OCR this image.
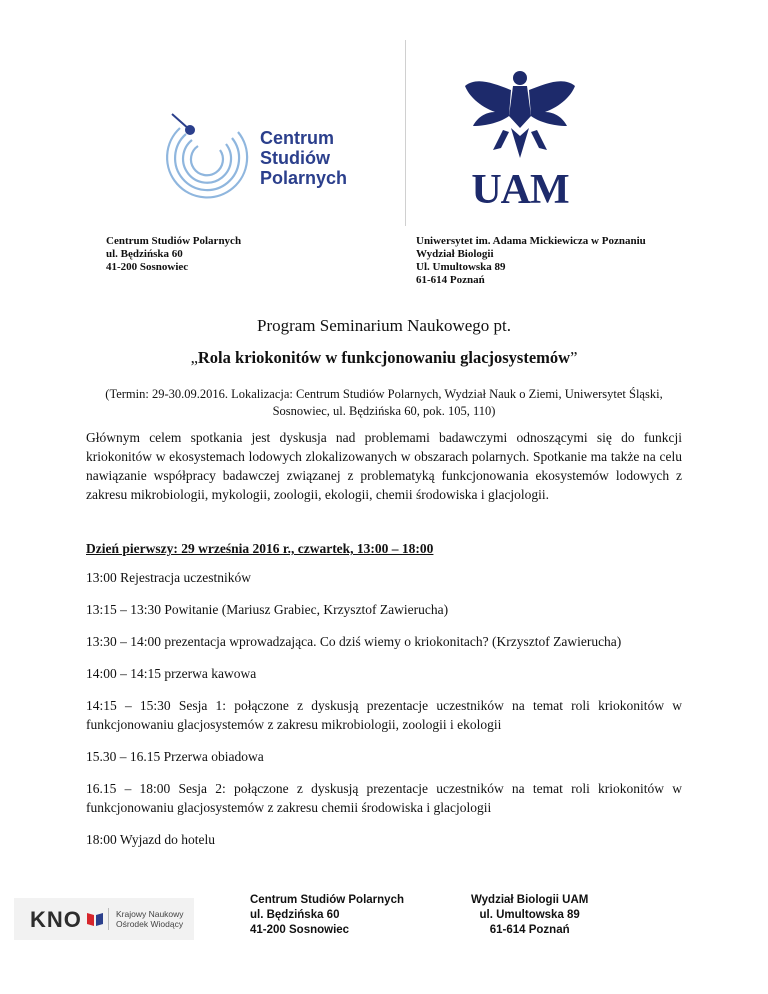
Centrum
Studiów
Polarnych	UAM
Centrum Studiów Polarnych
ul. Będzińska 60
41-200 Sosnowiec
Uniwersytet im. Adama Mickiewicza w Poznaniu
Wydział Biologii
Ul. Umultowska 89
61-614 Poznań
Program Seminarium Naukowego pt.
„Rola kriokonitów w funkcjonowaniu glacjosystemów”
(Termin: 29-30.09.2016. Lokalizacja: Centrum Studiów Polarnych, Wydział Nauk o Ziemi, Uniwersytet Śląski, Sosnowiec, ul. Będzińska 60, pok. 105, 110)
Głównym celem spotkania jest dyskusja nad problemami badawczymi odnoszącymi się do funkcji kriokonitów w ekosystemach lodowych zlokalizowanych w obszarach polarnych. Spotkanie ma także na celu nawiązanie współpracy badawczej związanej z problematyką funkcjonowania ekosystemów lodowych z zakresu mikrobiologii, mykologii, zoologii, ekologii, chemii środowiska i glacjologii.
Dzień pierwszy: 29 września 2016 r., czwartek, 13:00 – 18:00
13:00 Rejestracja uczestników
13:15 – 13:30 Powitanie (Mariusz Grabiec, Krzysztof Zawierucha)
13:30 – 14:00 prezentacja wprowadzająca. Co dziś wiemy o kriokonitach? (Krzysztof Zawierucha)
14:00 – 14:15 przerwa kawowa
14:15 – 15:30 Sesja 1: połączone z dyskusją prezentacje uczestników na temat roli kriokonitów w funkcjonowaniu glacjosystemów z zakresu mikrobiologii, zoologii i ekologii
15.30 – 16.15 Przerwa obiadowa
16.15 – 18:00 Sesja 2: połączone z dyskusją prezentacje uczestników na temat roli kriokonitów w funkcjonowaniu glacjosystemów z zakresu chemii środowiska i glacjologii
18:00 Wyjazd do hotelu
KNO	Krajowy Naukowy
Ośrodek Wiodący
Centrum Studiów Polarnych
ul. Będzińska 60
41-200 Sosnowiec
Wydział Biologii UAM
ul. Umultowska 89
61-614 Poznań
